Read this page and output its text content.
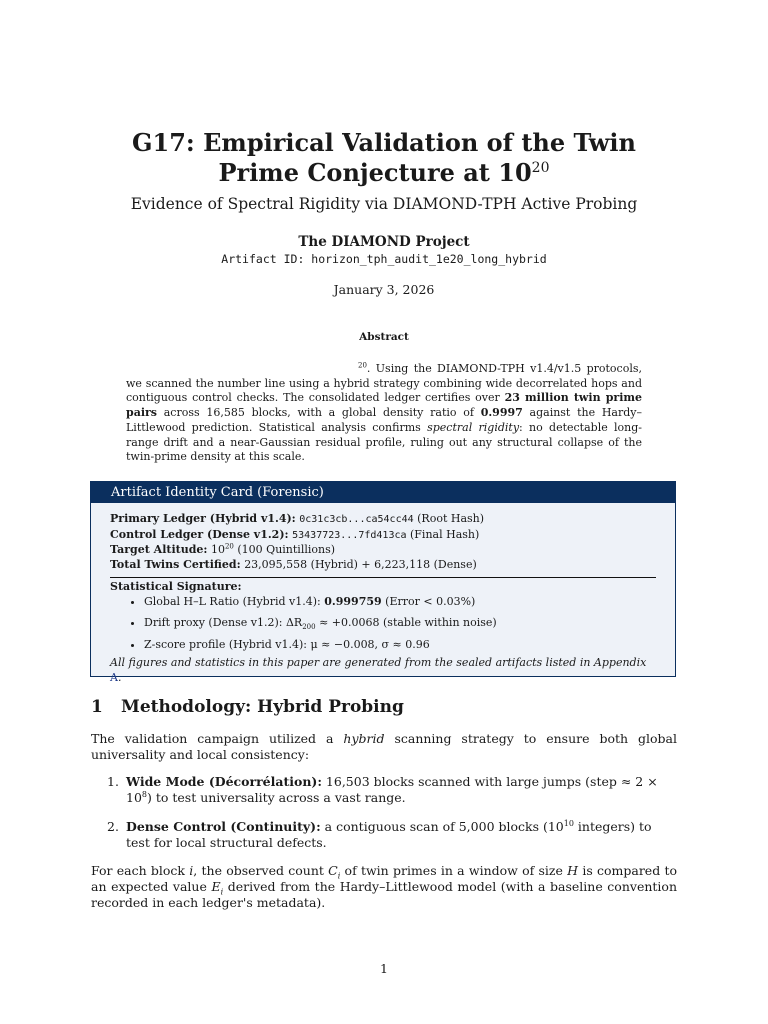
G17: Empirical Validation of the Twin
Prime Conjecture at $10^{20}$
Evidence of Spectral Rigidity via DIAMOND-TPH Active Probing
The DIAMOND Project
Artifact ID: horizon_tph_audit_1e20_long_hybrid
January 3, 2026
Abstract

$^{20}$. Using the DIAMOND-TPH v1.4/v1.5 protocols, we scanned the number line using a hybrid strategy combining wide decorrelated hops and contiguous control checks. The consolidated ledger certifies over 23 million twin prime pairs across 16,585 blocks, with a global density ratio of 0.9997 against the Hardy–Littlewood prediction. Statistical analysis confirms spectral rigidity: no detectable long-range drift and a near-Gaussian residual profile, ruling out any structural collapse of the twin-prime density at this scale.

Artifact Identity Card (Forensic)
Primary Ledger (Hybrid v1.4): 0c31c3cb...ca54cc44 (Root Hash)
Control Ledger (Dense v1.2): 53437723...7fd413ca (Final Hash)
Target Altitude: $10^{20}$ (100 Quintillions)
Total Twins Certified: 23,095,558 (Hybrid) + 6,223,118 (Dense)
Statistical Signature:
• Global H–L Ratio (Hybrid v1.4): 0.999759 (Error < 0.03%)
• Drift proxy (Dense v1.2): $\Delta R_{200} \approx +0.0068$ (stable within noise)
• Z-score profile (Hybrid v1.4): μ ≈ −0.008, σ ≈ 0.96
All figures and statistics in this paper are generated from the sealed artifacts listed in Appendix A.
1 Methodology: Hybrid Probing

The validation campaign utilized a hybrid scanning strategy to ensure both global universality and local consistency:

1. Wide Mode (Décorrélation): 16,503 blocks scanned with large jumps (step ≈ $2 \times 10^8$) to test universality across a vast range.
2. Dense Control (Continuity): a contiguous scan of 5,000 blocks ($10^{10}$ integers) to test for local structural defects.

For each block i, the observed count $C_i$ of twin primes in a window of size H is compared to an expected value $E_i$ derived from the Hardy–Littlewood model (with a baseline convention recorded in each ledger's metadata).

1
